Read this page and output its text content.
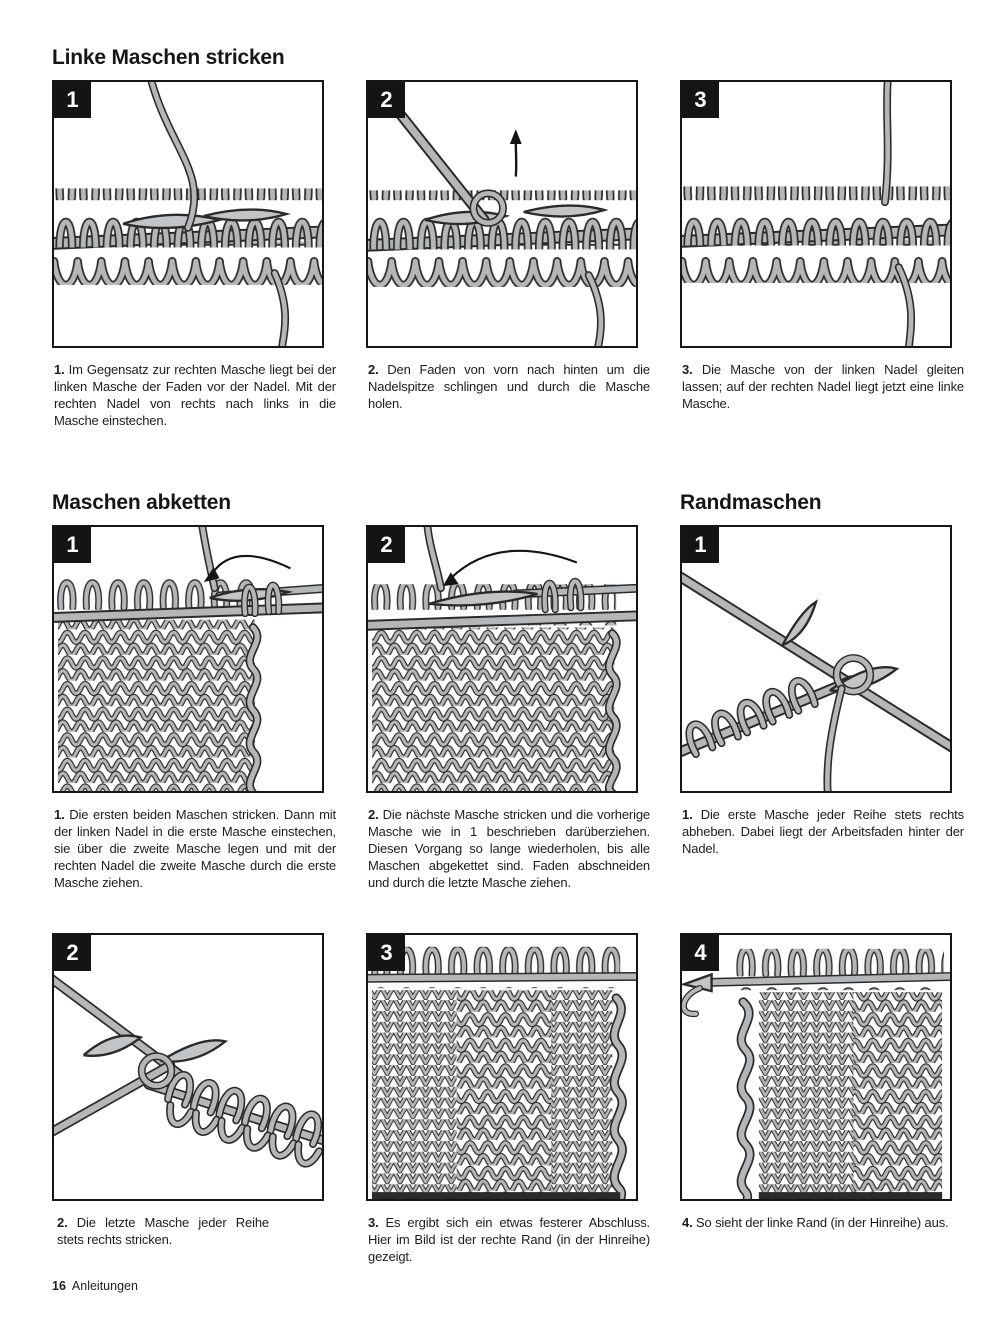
Linke Maschen stricken
1
1. Im Gegensatz zur rechten Masche liegt bei der linken Masche der Faden vor der Nadel. Mit der rechten Nadel von rechts nach links in die Masche einstechen.
2
2. Den Faden von vorn nach hinten um die Nadelspitze schlingen und durch die Masche holen.
3
3. Die Masche von der linken Nadel gleiten lassen; auf der rechten Nadel liegt jetzt eine linke Masche.
Maschen abketten	Randmaschen
1
1. Die ersten beiden Maschen stricken. Dann mit der linken Nadel in die erste Masche einstechen, sie über die zweite Masche legen und mit der rechten Nadel die zweite Masche durch die erste Masche ziehen.
2
2. Die nächste Masche stricken und die vorherige Masche wie in 1 beschrieben darüberziehen. Diesen Vorgang so lange wiederholen, bis alle Maschen abgekettet sind. Faden abschneiden und durch die letzte Masche ziehen.
1
1. Die erste Masche jeder Reihe stets rechts abheben. Dabei liegt der Arbeitsfaden hinter der Nadel.
2
2. Die letzte Masche jeder Reihe stets rechts stricken.
3
3. Es ergibt sich ein etwas festerer Abschluss. Hier im Bild ist der rechte Rand (in der Hinreihe) gezeigt.
4
4. So sieht der linke Rand (in der Hinreihe) aus.
16 Anleitungen
